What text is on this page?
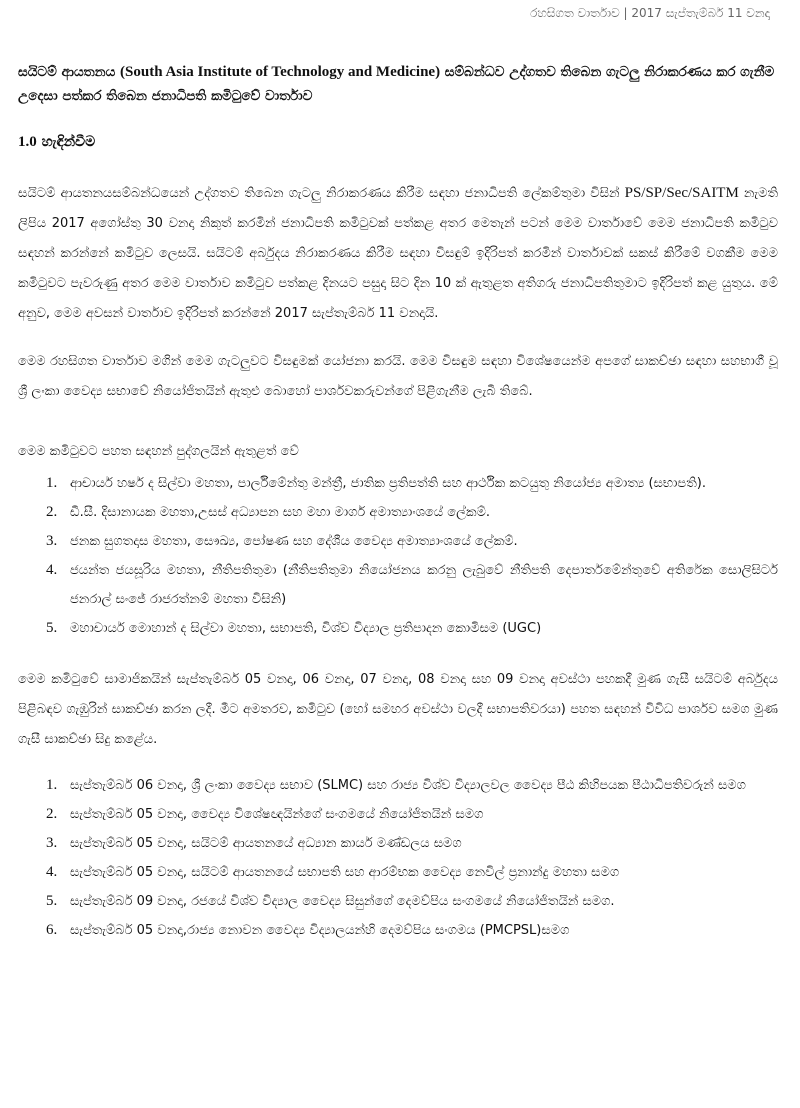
රහසිගත වාර්තාව | 2017 සැප්තැම්බර් 11 වනදා
සයිටම් ආයතනය (South Asia Institute of Technology and Medicine) සම්බන්ධව උද්ගතව තිබෙන ගැටලු නිරාකරණය කර ගැනීම උදෙසා පත්කර තිබෙන ජනාධිපති කමිටුවේ වාර්තාව
1.0 හැඳින්වීම

සයිටම් ආයතනයසම්බන්ධයෙන් උද්ගතව තිබෙන ගැටලු නිරාකරණය කිරීම සඳහා ජනාධිපති ලේකම්තුමා විසින් PS/SP/Sec/SAITM නැමති ලිපිය 2017 අගෝස්තු 30 වනදා නිකුත් කරමින් ජනාධිපති කමිටුවක් පත්කළ අතර මෙතැන් පටන් මෙම වාර්තාවේ මෙම ජනාධිපති කමිටුව සඳහන් කරන්නේ කමිටුව ලෙසයි. සයිටම් අර්බුදය නිරාකරණය කිරීම සඳහා විසඳුම් ඉදිරිපත් කරමින් වාර්තාවක් සකස් කිරීමේ වගකීම මෙම කමිටුවට පැවරුණු අතර මෙම වාර්තාව කමිටුව පත්කළ දිනයට පසුදා සිට දින 10 ක් ඇතුළත අතිගරු ජනාධිපතිතුමාට ඉදිරිපත් කළ යුතුය. මේ අනුව, මෙම අවසන් වාර්තාව ඉදිරිපත් කරන්නේ 2017 සැප්තැම්බර් 11 වනදායි.

මෙම රහසිගත වාර්තාව මගින් මෙම ගැටලුවට විසඳුමක් යෝජනා කරයි. මෙම විසඳුම සඳහා විශේෂයෙන්ම අපගේ සාකච්ඡා සඳහා සහභාගී වූ ශ්‍රී ලංකා වෛද්‍ය සභාවේ නියෝජිතයින් ඇතුළු බොහෝ පාර්ශවකරුවන්ගේ පිළිගැනීම ලැබී තිබේ.

මෙම කමිටුවට පහත සඳහන් පුද්ගලයින් ඇතුළත් වේ

1. ආචාර්ය හර්ෂ ද සිල්වා මහතා, පාර්ලිමේන්තු මන්ත්‍රී, ජාතික ප්‍රතිපත්ති සහ ආර්ථික කටයුතු නියෝජ්‍ය අමාත්‍ය (සභාපති).
2. ඩී.සී. දිසානායක මහතා,උසස් අධ්‍යාපන සහ මහා මාර්ග අමාත්‍යාංශයේ ලේකම්.
3. ජනක සුගතදාස මහතා, සෞඛ්‍ය, පෝෂණ සහ දේශීය වෛද්‍ය අමාත්‍යාංශයේ ලේකම්.
4. ජයන්ත ජයසූරිය මහතා, නීතිපතිතුමා (නීතිපතිතුමා නියෝජනය කරනු ලැබුවේ නීතිපති දෙපාර්තමේන්තුවේ අතිරේක සොලිසිටර් ජනරාල් සංජේ රාජරත්නම් මහතා විසිනි)
5. මහාචාර්ය මොහාන් ද සිල්වා මහතා, සභාපති, විශ්ව විද්‍යාල ප්‍රතිපාදන කොමිසම (UGC)

මෙම කමිටුවේ සාමාජිකයින් සැප්තැම්බර් 05 වනදා, 06 වනදා, 07 වනදා, 08 වනදා සහ 09 වනදා අවස්ථා පහකදී මුණ ගැසී සයිටම් අර්බුදය පිළිබඳව ගැඹුරින් සාකච්ඡා කරන ලදී. මීට අමතරව, කමිටුව (හෝ සමහර අවස්ථා වලදී සභාපතිවරයා) පහත සඳහන් විවිධ පාර්ශව සමග මුණ ගැසී සාකච්ඡා සිදු කළේය.

1. සැප්තැම්බර් 06 වනදා, ශ්‍රී ලංකා වෛද්‍ය සභාව (SLMC) සහ රාජ්‍ය විශ්ව විද්‍යාලවල වෛද්‍ය පීඨ කිහිපයක පීඨාධිපතිවරුන් සමග
2. සැප්තැම්බර් 05 වනදා, වෛද්‍ය විශේෂඥයින්ගේ සංගමයේ නියෝජිතයින් සමග
3. සැප්තැම්බර් 05 වනදා, සයිටම් ආයතනයේ අධ්‍යාන කාර්ය මණ්ඩලය සමග
4. සැප්තැම්බර් 05 වනදා, සයිටම් ආයතනයේ සභාපති සහ ආරම්භක වෛද්‍ය නෙවිල් ප්‍රනාන්දු මහතා සමග
5. සැප්තැම්බර් 09 වනදා, රජයේ විශ්ව විද්‍යාල වෛද්‍ය සිසුන්ගේ දෙමව්පිය සංගමයේ නියෝජිතයින් සමග.
6. සැප්තැම්බර් 05 වනදා,රාජ්‍ය නොවන වෛද්‍ය විද්‍යාලයන්හි දෙමව්පිය සංගමය (PMCPSL)සමග
